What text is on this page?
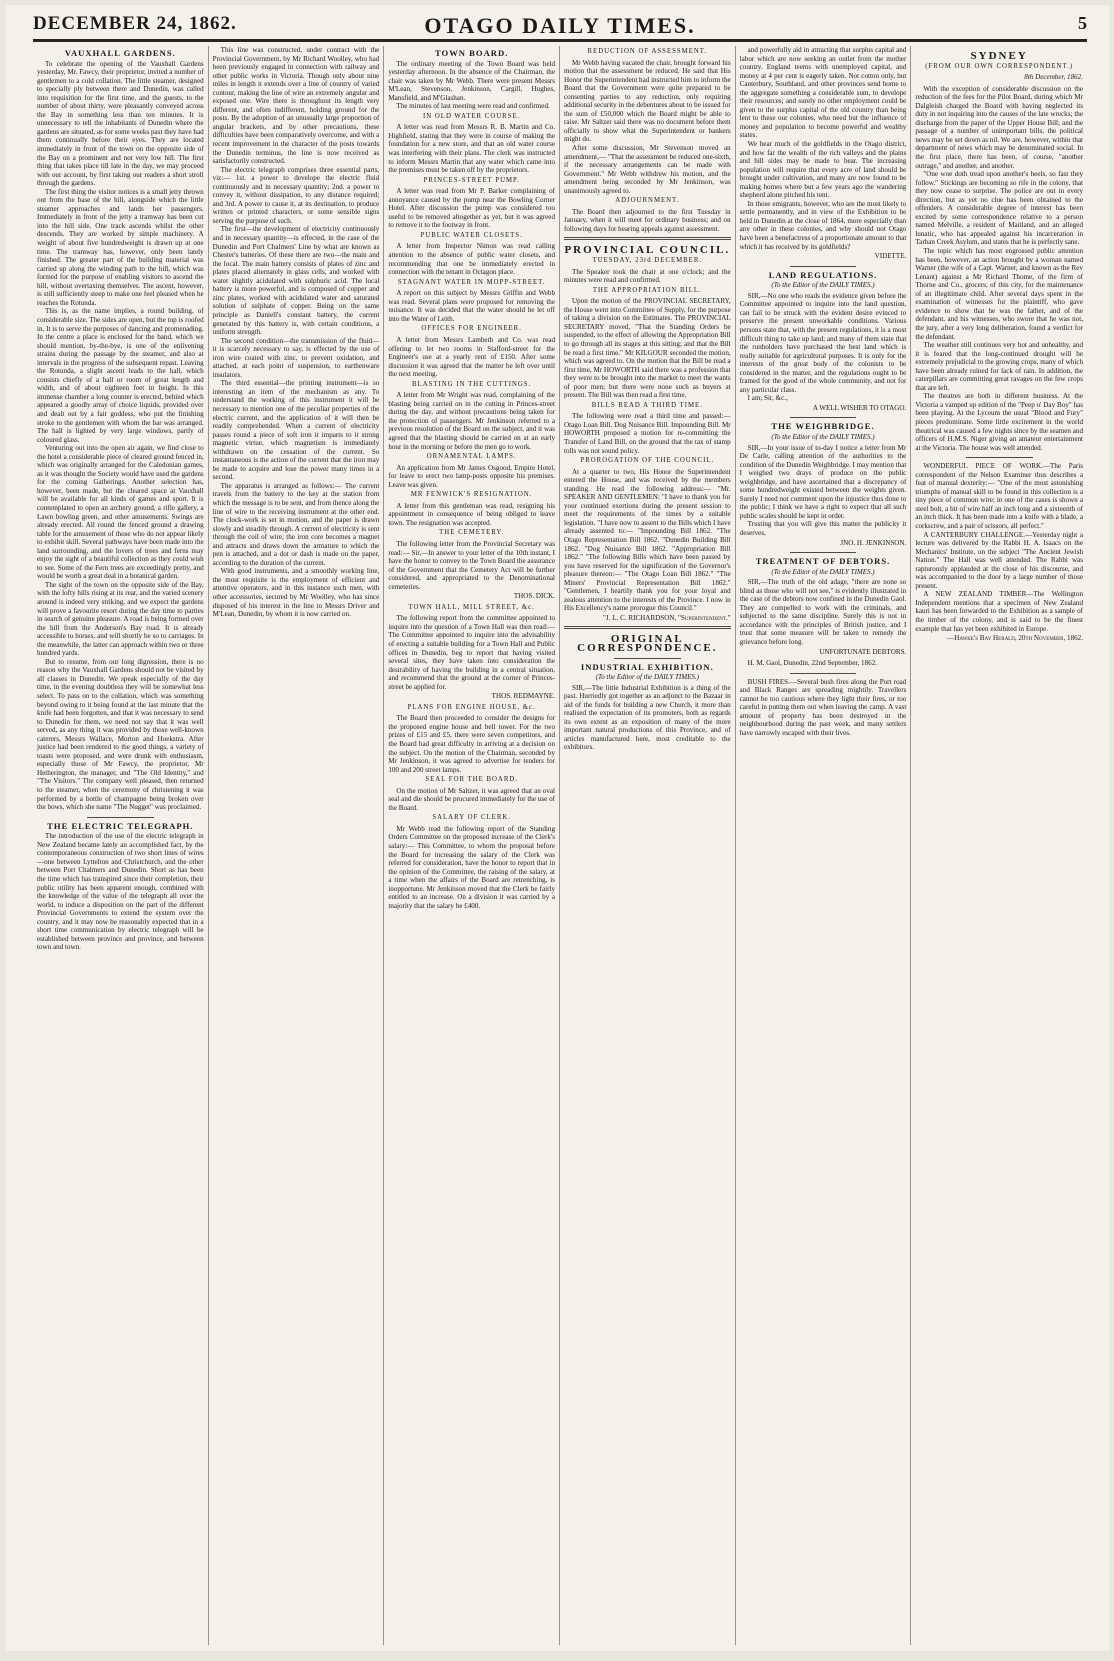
DECEMBER 24, 1862.	OTAGO DAILY TIMES.	5
VAUXHALL GARDENS.

To celebrate the opening of the Vauxhall Gardens yesterday, Mr. Fawcy, their proprietor, invited a number of gentlemen to a cold collation. The little steamer, designed to specially ply between there and Dunedin, was called into requisition for the first time, and the guests, to the number of about thirty, were pleasantly conveyed across the Bay in something less than ten minutes. It is unnecessary to tell the inhabitants of Dunedin where the gardens are situated, as for some weeks past they have had them continually before their eyes. They are located immediately in front of the town on the opposite side of the Bay on a prominent and not very low hill. The first thing that takes place till late in the day, we may proceed with our account, by first taking our readers a short stroll through the gardens.

The first thing the visitor notices is a small jetty thrown out from the base of the hill, alongside which the little steamer approaches and lands her passengers. Immediately in front of the jetty a tramway has been cut into the hill side. One track ascends whilst the other descends. They are worked by simple machinery. A weight of about five hundredweight is drawn up at one time. The tramway has, however, only been lately finished. The greater part of the building material was carried up along the winding path to the hill, which was formed for the purpose of enabling visitors to ascend the hill, without overtaxing themselves. The ascent, however, is still sufficiently steep to make one feel pleased when he reaches the Rotunda.

This is, as the name implies, a round building, of considerable size. The sides are open, but the top is roofed in. It is to serve the purposes of dancing and promenading. In the centre a place is enclosed for the band, which we should mention, by-the-bye, is one of the enlivening strains during the passage by the steamer, and also at intervals in the progress of the subsequent repast. Leaving the Rotunda, a slight ascent leads to the hall, which consists chiefly of a hall or room of great length and width, and of about eighteen feet in height. In this immense chamber a long counter is erected, behind which appeared a goodly array of choice liquids, provided over and dealt out by a fair goddess, who put the finishing stroke to the gentlemen with whom the bar was arranged. The hall is lighted by very large windows, partly of coloured glass.

Venturing out into the open air again, we find close to the hotel a considerable piece of cleared ground fenced in, which was originally arranged for the Caledonian games, as it was thought the Society would have used the gardens for the coming Gatherings. Another selection has, however, been made, but the cleared space at Vauxhall will be available for all kinds of games and sport. It is contemplated to open an archery ground, a rifle gallery, a Lawn bowling green, and other amusements. Swings are already erected. All round the fenced ground a drawing table for the amusement of those who do not appear likely to exhibit skill. Several pathways have been made into the land surrounding, and the lovers of trees and ferns may enjoy the sight of a beautiful collection as they could wish to see. Some of the Fern trees are exceedingly pretty, and would be worth a great deal in a botanical garden.

The sight of the town on the opposite side of the Bay, with the lofty hills rising at its rear, and the varied scenery around is indeed very striking, and we expect the gardens will prove a favourite resort during the day time to parties in search of genuine pleasure. A road is being formed over the hill from the Anderson's Bay road. It is already accessible to horses, and will shortly be so to carriages. In the meanwhile, the latter can approach within two or three hundred yards.

But to resume, from our long digression, there is no reason why the Vauxhall Gardens should not be visited by all classes in Dunedin. We speak especially of the day time, in the evening doubtless they will be somewhat less select. To pass on to the collation, which was something beyond owing to it being found at the last minute that the knife had been forgotten, and that it was necessary to send to Dunedin for them, we need not say that it was well served, as any thing it was provided by those well-known caterers, Messrs Wallace, Morton and Hoekstra. After justice had been rendered to the good things, a variety of toasts were proposed, and were drunk with enthusiasm, especially those of Mr Fawcy, the proprietor, Mr Hetherington, the manager, and "The Old Identity," and "The Visitors." The company well pleased, then returned to the steamer, when the ceremony of christening it was performed by a bottle of champagne being broken over the bows, which she name "The Nugget" was proclaimed.

THE ELECTRIC TELEGRAPH.

The introduction of the use of the electric telegraph in New Zealand became lately an accomplished fact, by the contemporaneous construction of two short lines of wires—one between Lyttelton and Christchurch, and the other between Port Chalmers and Dunedin. Short as has been the time which has transpired since their completion, their public utility has been apparent enough, combined with the knowledge of the value of the telegraph all over the world, to induce a disposition on the part of the different Provincial Governments to extend the system over the country, and it may now be reasonably expected that in a short time communication by electric telegraph will be established between province and province, and between town and town.

This line was constructed, under contract with the Provincial Government, by Mr Richard Woolley, who had been previously engaged in connection with railway and other public works in Victoria. Though only about nine miles in length it extends over a line of country of varied contour, making the line of wire an extremely angular and exposed one. Wire there is throughout its length very different, and often indifferent, holding ground for the posts. By the adoption of an unusually large proportion of angular brackets, and by other precautions, these difficulties have been comparatively overcome, and with a recent improvement in the character of the posts towards the Dunedin terminus, the line is now received as satisfactorily constructed.

The electric telegraph comprises three essential parts, viz:— 1st. a power to develope the electric fluid continuously and in necessary quantity; 2nd. a power to convey it, without dissipation, to any distance required; and 3rd. A power to cause it, at its destination, to produce written or printed characters, or some sensible signs serving the purpose of such.

The first—the development of electricity continuously and in necessary quantity—is effected, in the case of the Dunedin and Port Chalmers' Line by what are known as Chester's batteries. Of these there are two—the main and the local. The main battery consists of plates of zinc and plates placed alternately in glass cells, and worked with water slightly acidulated with sulphuric acid. The local battery is more powerful, and is composed of copper and zinc plates, worked with acidulated water and saturated solution of sulphate of copper. Being on the same principle as Daniell's constant battery, the current generated by this battery is, with certain conditions, a uniform strength.

The second condition—the transmission of the fluid—it is scarcely necessary to say, is effected by the use of iron wire coated with zinc, to prevent oxidation, and attached, at each point of suspension, to earthenware insulators.

The third essential—the printing instrument—is so interesting an item of the mechanism as any. To understand the working of this instrument it will be necessary to mention one of the peculiar properties of the electric current, and the application of it will then be readily comprehended. When a current of electricity passes round a piece of soft iron it imparts to it strong magnetic virtue, which magnetism is immediately withdrawn on the cessation of the current. So instantaneous is the action of the current that the iron may be made to acquire and lose the power many times in a second.

The apparatus is arranged as follows:— The current travels from the battery to the key at the station from which the message is to be sent, and from thence along the line of wire to the receiving instrument at the other end. The clock-work is set in motion, and the paper is drawn slowly and steadily through. A current of electricity is sent through the coil of wire, the iron core becomes a magnet and attracts and draws down the armature to which the pen is attached, and a dot or dash is made on the paper, according to the duration of the current.

With good instruments, and a smoothly working line, the most requisite is the employment of efficient and attentive operators, and in this instance such men, with other accessories, secured by Mr Woolley, who has since disposed of his interest in the line to Messrs Driver and M'Lean, Dunedin, by whom it is now carried on.

TOWN BOARD.

The ordinary meeting of the Town Board was held yesterday afternoon. In the absence of the Chairman, the chair was taken by Mr Webb. There were present Messrs M'Lean, Stevenson, Jenkinson, Cargill, Hughes, Mansfield, and M'Glashan.

The minutes of last meeting were read and confirmed.

IN OLD WATER COURSE.

A letter was read from Messrs R. B. Martin and Co. Highfield, stating that they were in course of making the foundation for a new store, and that an old water course was interfering with their plans. The clerk was instructed to inform Messrs Martin that any water which came into the premises must be taken off by the proprietors.

PRINCES-STREET PUMP.

A letter was read from Mr P. Barker complaining of annoyance caused by the pump near the Bowling Corner Hotel. After discussion the pump was considered too useful to be removed altogether as yet, but it was agreed to remove it to the footway in front.

PUBLIC WATER CLOSETS.

A letter from Inspector Nimon was read calling attention to the absence of public water closets, and recommending that one be immediately erected in connection with the tenant in Octagon place.

STAGNANT WATER IN MOPP-STREET.

A report on this subject by Messrs Griffin and Webb was read. Several plans were proposed for removing the nuisance. It was decided that the water should be let off into the Water of Leith.

OFFICES FOR ENGINEER.

A letter from Messrs Lambeth and Co. was read offering to let two rooms in Stafford-street for the Engineer's use at a yearly rent of £150. After some discussion it was agreed that the matter be left over until the next meeting.

BLASTING IN THE CUTTINGS.

A letter from Mr Wright was read, complaining of the blasting being carried on in the cutting in Princes-street during the day, and without precautions being taken for the protection of passengers. Mr Jenkinson referred to a previous resolution of the Board on the subject, and it was agreed that the blasting should be carried on at an early hour in the morning or before the men go to work.

ORNAMENTAL LAMPS.

An application from Mr James Osgood, Empire Hotel, for leave to erect two lamp-posts opposite his premises. Leave was given.

MR FENWICK'S RESIGNATION.

A letter from this gentleman was read, resigning his appointment in consequence of being obliged to leave town. The resignation was accepted.

THE CEMETERY.

The following letter from the Provincial Secretary was read:— Sir,—In answer to your letter of the 10th instant, I have the honor to convey to the Town Board the assurance of the Government that the Cemetery Act will be further considered, and appropriated to the Denominational cemeteries.

THOS. DICK.
TOWN HALL, MILL STREET, &c.

The following report from the committee appointed to inquire into the question of a Town Hall was then read:— The Committee appointed to inquire into the advisability of erecting a suitable building for a Town Hall and Public offices in Dunedin, beg to report that having visited several sites, they have taken into consideration the desirability of having the building in a central situation, and recommend that the ground at the corner of Princes-street be applied for.

THOS. REDMAYNE.
PLANS FOR ENGINE HOUSE, &c.

The Board then proceeded to consider the designs for the proposed engine house and bell tower. For the two prizes of £15 and £5, there were seven competitors, and the Board had great difficulty in arriving at a decision on the subject. On the motion of the Chairman, seconded by Mr Jenkinson, it was agreed to advertise for tenders for 100 and 200 street lamps.

SEAL FOR THE BOARD.

On the motion of Mr Saltzer, it was agreed that an oval seal and die should be procured immediately for the use of the Board.

SALARY OF CLERK.

Mr Webb read the following report of the Standing Orders Committee on the proposed increase of the Clerk's salary:— This Committee, to whom the proposal before the Board for increasing the salary of the Clerk was referred for consideration, have the honor to report that in the opinion of the Committee, the raising of the salary, at a time when the affairs of the Board are retrenching, is inopportune. Mr Jenkinson moved that the Clerk be fairly entitled to an increase. On a division it was carried by a majority that the salary be £400.

REDUCTION OF ASSESSMENT.

Mr Webb having vacated the chair, brought forward his motion that the assessment be reduced. He said that His Honor the Superintendent had instructed him to inform the Board that the Government were quite prepared to be consenting parties to any reduction, only requiring additional security in the debentures about to be issued for the sum of £50,000 which the Board might be able to raise. Mr Saltzer said there was no document before them officially to show what the Superintendent or bankers might do.

After some discussion, Mr Stevenson moved an amendment,— "That the assessment be reduced one-sixth, if the necessary arrangements can be made with Government." Mr Webb withdrew his motion, and the amendment being seconded by Mr Jenkinson, was unanimously agreed to.

ADJOURNMENT.

The Board then adjourned to the first Tuesday in January, when it will meet for ordinary business; and on following days for hearing appeals against assessment.

PROVINCIAL COUNCIL.
TUESDAY, 23rd DECEMBER.

The Speaker took the chair at one o'clock; and the minutes were read and confirmed.

THE APPROPRIATION BILL.

Upon the motion of the PROVINCIAL SECRETARY, the House went into Committee of Supply, for the purpose of taking a division on the Estimates. The PROVINCIAL SECRETARY moved, "That the Standing Orders be suspended, to the effect of allowing the Appropriation Bill to go through all its stages at this sitting; and that the Bill be read a first time." Mr KILGOUR seconded the motion, which was agreed to. On the motion that the Bill be read a first time, Mr HOWORTH said there was a profession that they were to be brought into the market to meet the wants of poor men; but there were none such as buyers at present. The Bill was then read a first time.

BILLS READ A THIRD TIME.

The following were read a third time and passed:— Otago Loan Bill. Dog Nuisance Bill. Impounding Bill. Mr HOWORTH proposed a motion for re-committing the Transfer of Land Bill, on the ground that the tax of stamp tolls was not sound policy.

PROROGATION OF THE COUNCIL.

At a quarter to two, His Honor the Superintendent entered the House, and was received by the members standing. He read the following address:— "Mr. SPEAKER AND GENTLEMEN: "I have to thank you for your continued exertions during the present session to meet the requirements of the times by a suitable legislation. "I have now to assent to the Bills which I have already assented to:— "Impounding Bill 1862. "The Otago Representation Bill 1862. "Dunedin Building Bill 1862. "Dog Nuisance Bill 1862. "Appropriation Bill 1862." "The following Bills which have been passed by you have reserved for the signification of the Governor's pleasure thereon:— "The Otago Loan Bill 1862." "The Miners' Provincial Representation Bill 1862." "Gentlemen, I heartily thank you for your loyal and zealous attention to the interests of the Province. I now in His Excellency's name prorogue this Council."

"J. L. C. RICHARDSON, "Superintendent."
ORIGINAL CORRESPONDENCE.
INDUSTRIAL EXHIBITION.
(To the Editor of the DAILY TIMES.)

SIR,—The little Industrial Exhibition is a thing of the past. Hurriedly got together as an adjunct to the Bazaar in aid of the funds for building a new Church, it more than realised the expectation of its promoters, both as regards its own extent as an exposition of many of the more important natural productions of this Province, and of articles manufactured here, most creditable to the exhibitors.

and powerfully aid in attracting that surplus capital and labor which are now seeking an outlet from the mother country. England teems with unemployed capital, and money at 4 per cent is eagerly taken. Not cotton only, but Canterbury, Southland, and other provinces send home to the aggregate something a considerable sum, to develope their resources; and surely no other employment could be given to the surplus capital of the old country than being lent to these our colonies, who need but the influence of money and population to become powerful and wealthy states.

We hear much of the goldfields in the Otago district, and how far the wealth of the rich valleys and the plains and hill sides may be made to bear. The increasing population will require that every acre of land should be brought under cultivation, and many are now found to be making homes where but a few years ago the wandering shepherd alone pitched his tent.

In those emigrants, however, who are the most likely to settle permanently, and in view of the Exhibition to be held in Dunedin at the close of 1864, more especially than any other in these colonies, and why should not Otago have been a benefactress of a proportionate amount to that which it has received by its goldfields?

VIDETTE.
LAND REGULATIONS.
(To the Editor of the DAILY TIMES.)

SIR,—No one who reads the evidence given before the Committee appointed to inquire into the land question, can fail to be struck with the evident desire evinced to preserve the present unworkable conditions. Various persons state that, with the present regulations, it is a most difficult thing to take up land; and many of them state that the runholders have purchased the best land which is really suitable for agricultural purposes. It is only for the interests of the great body of the colonists to be considered in the matter, and the regulations ought to be framed for the good of the whole community, and not for any particular class.

I am, Sir, &c.,

A WELL WISHER TO OTAGO.
THE WEIGHBRIDGE.
(To the Editor of the DAILY TIMES.)

SIR,—In your issue of to-day I notice a letter from Mr De Carle, calling attention of the authorities to the condition of the Dunedin Weighbridge. I may mention that I weighed two drays of produce on the public weighbridge, and have ascertained that a discrepancy of some hundredweight existed between the weights given. Surely I need not comment upon the injustice thus done to the public; I think we have a right to expect that all such public scales should be kept in order.

Trusting that you will give this matter the publicity it deserves,

JNO. H. JENKINSON.
TREATMENT OF DEBTORS.
(To the Editor of the DAILY TIMES.)

SIR,—The truth of the old adage, "there are none so blind as those who will not see," is evidently illustrated in the case of the debtors now confined in the Dunedin Gaol. They are compelled to work with the criminals, and subjected to the same discipline. Surely this is not in accordance with the principles of British justice, and I trust that some measure will be taken to remedy the grievance before long.

UNFORTUNATE DEBTORS.

H. M. Gaol, Dunedin, 22nd September, 1862.

BUSH FIRES.—Several bush fires along the Port road and Black Ranges are spreading mightily. Travellers cannot be too cautious where they light their fires, or too careful in putting them out when leaving the camp. A vast amount of property has been destroyed in the neighbourhood during the past week, and many settlers have narrowly escaped with their lives.

SYDNEY
(FROM OUR OWN CORRESPONDENT.)
8th December, 1862.

With the exception of considerable discussion on the reduction of the fees for the Pilot Board, during which Mr Dalgleish charged the Board with having neglected its duty in not inquiring into the causes of the late wrecks; the discharge from the paper of the Upper House Bill; and the passage of a number of unimportant bills, the political news may be set down as nil. We are, however, within that department of news which may be denominated social. In the first place, there has been, of course, "another outrage," and another, and another.

"One woe doth tread upon another's heels, so fast they follow." Stickings are becoming so rife in the colony, that they now cease to surprise. The police are out in every direction, but as yet no clue has been obtained to the offenders. A considerable degree of interest has been excited by some correspondence relative to a person named Melville, a resident of Maitland, and an alleged lunatic, who has appealed against his incarceration in Tarban Creek Asylum, and states that he is perfectly sane.

The topic which has most engrossed public attention has been, however, an action brought by a woman named Warner (the wife of a Capt. Warner, and known as the Rev Lenant) against a Mr Richard Thome, of the firm of Thorne and Co., grocers, of this city, for the maintenance of an illegitimate child. After several days spent in the examination of witnesses for the plaintiff, who gave evidence to show that he was the father, and of the defendant, and his witnesses, who swore that he was not, the jury, after a very long deliberation, found a verdict for the defendant.

The weather still continues very hot and unhealthy, and it is feared that the long-continued drought will be extremely prejudicial to the growing crops, many of which have been already ruined for lack of rain. In addition, the caterpillars are committing great ravages on the few crops that are left.

The theatres are both in different business. At the Victoria a vamped up edition of the "Peep o' Day Boy" has been playing. At the Lyceum the usual "Blood and Fury" pieces predominate. Some little excitement in the world theatrical was caused a few nights since by the seamen and officers of H.M.S. Niger giving an amateur entertainment at the Victoria. The house was well attended.

WONDERFUL PIECE OF WORK.—The Paris correspondent of the Nelson Examiner thus describes a feat of manual dexterity:— "One of the most astonishing triumphs of manual skill to be found in this collection is a tiny piece of common wire; in one of the cases is shown a steel bolt, a bit of wire half an inch long and a sixteenth of an inch thick. It has been made into a knife with a blade, a corkscrew, and a pair of scissors, all perfect."

A CANTERBURY CHALLENGE.—Yesterday night a lecture was delivered by the Rabbi H. A. Isaacs on the Mechanics' Institute, on the subject "The Ancient Jewish Nation." The Hall was well attended. The Rabbi was rapturously applauded at the close of his discourse, and was accompanied to the door by a large number of those present.

A NEW ZEALAND TIMBER—The Wellington Independent mentions that a specimen of New Zealand kauri has been forwarded to the Exhibition as a sample of the timber of the colony, and is said to be the finest example that has yet been exhibited in Europe.

—Hawke's Bay Herald, 20th November, 1862.
